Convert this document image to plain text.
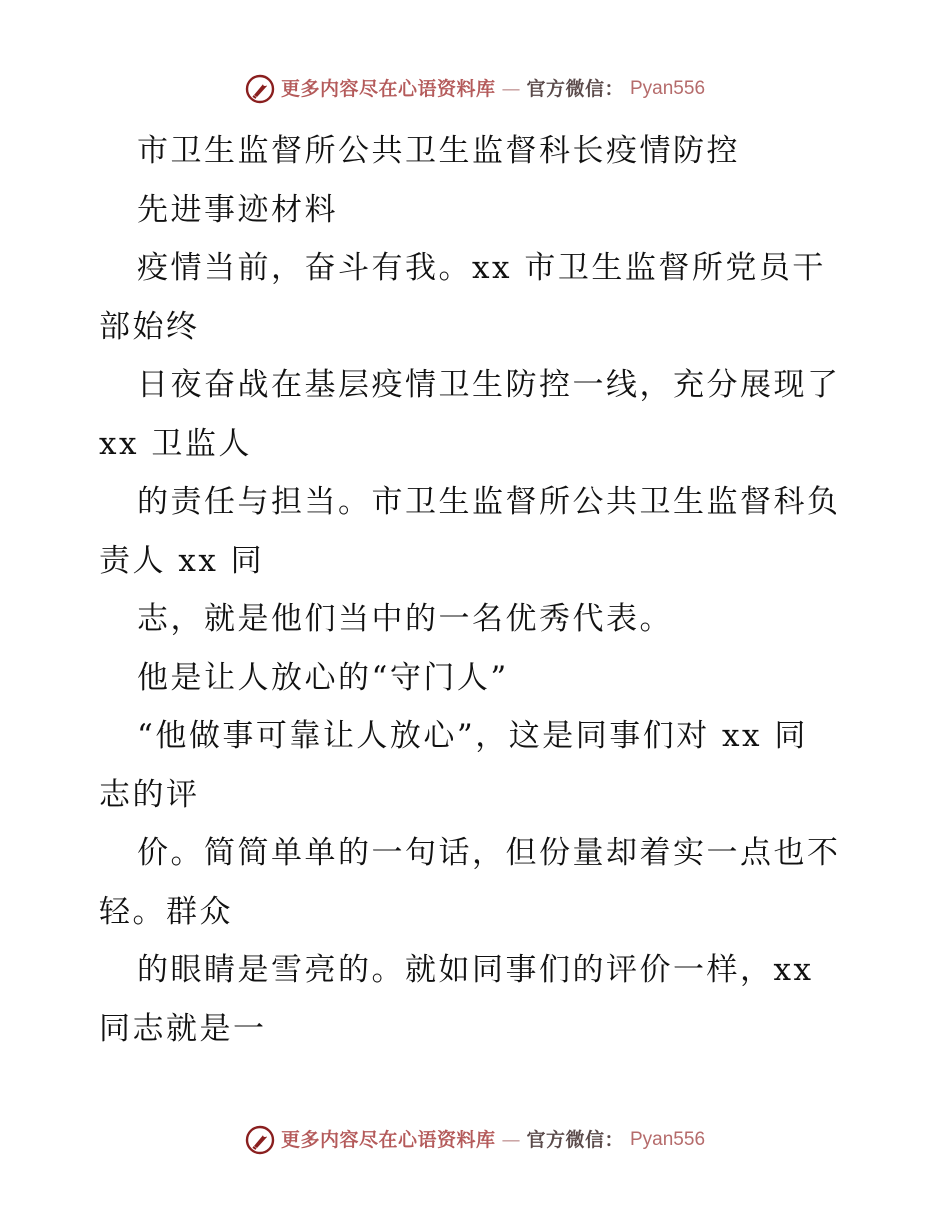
更多内容尽在心语资料库 — 官方微信： Pyan556
市卫生监督所公共卫生监督科长疫情防控
先进事迹材料
疫情当前，奋斗有我。xx 市卫生监督所党员干
部始终
日夜奋战在基层疫情卫生防控一线，充分展现了
xx 卫监人
的责任与担当。市卫生监督所公共卫生监督科负
责人 xx 同
志，就是他们当中的一名优秀代表。
他是让人放心的“守门人”
“他做事可靠让人放心”，这是同事们对 xx 同
志的评
价。简简单单的一句话，但份量却着实一点也不
轻。群众
的眼睛是雪亮的。就如同事们的评价一样，xx
同志就是一
更多内容尽在心语资料库 — 官方微信： Pyan556
